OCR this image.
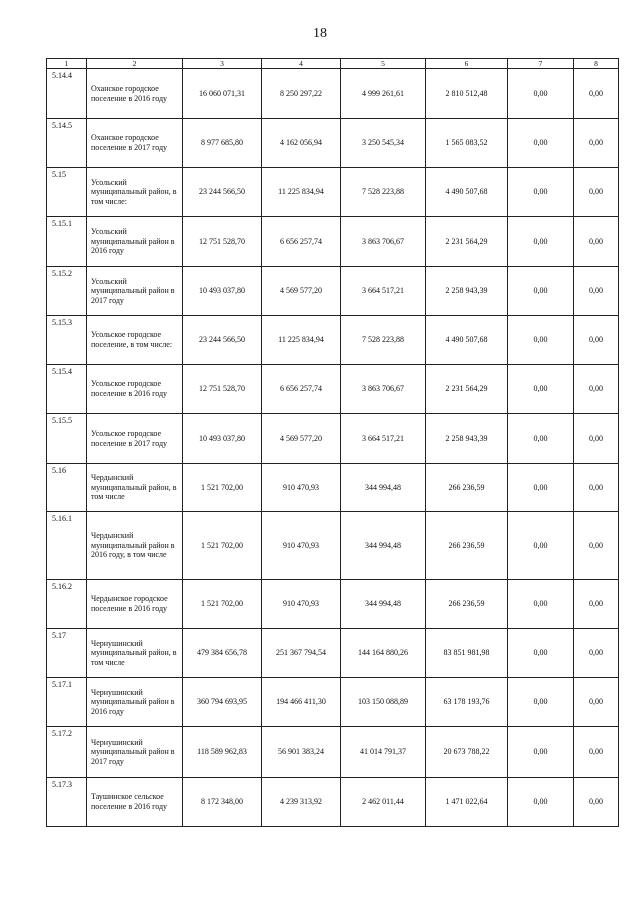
18
1	2	3	4	5	6	7	8
5.14.4	Оханское городское поселение в 2016 году	16 060 071,31	8 250 297,22	4 999 261,61	2 810 512,48	0,00	0,00
5.14.5	Оханское городское поселение в 2017 году	8 977 685,80	4 162 056,94	3 250 545,34	1 565 083,52	0,00	0,00
5.15	Усольский муниципальный район, в том числе:	23 244 566,50	11 225 834,94	7 528 223,88	4 490 507,68	0,00	0,00
5.15.1	Усольский муниципальный район в 2016 году	12 751 528,70	6 656 257,74	3 863 706,67	2 231 564,29	0,00	0,00
5.15.2	Усольский муниципальный район в 2017 году	10 493 037,80	4 569 577,20	3 664 517,21	2 258 943,39	0,00	0,00
5.15.3	Усольское городское поселение, в том числе:	23 244 566,50	11 225 834,94	7 528 223,88	4 490 507,68	0,00	0,00
5.15.4	Усольское городское поселение в 2016 году	12 751 528,70	6 656 257,74	3 863 706,67	2 231 564,29	0,00	0,00
5.15.5	Усольское городское поселение в 2017 году	10 493 037,80	4 569 577,20	3 664 517,21	2 258 943,39	0,00	0,00
5.16	Чердынский муниципальный район, в том числе	1 521 702,00	910 470,93	344 994,48	266 236,59	0,00	0,00
5.16.1	Чердынский муниципальный район в 2016 году, в том числе	1 521 702,00	910 470,93	344 994,48	266 236,59	0,00	0,00
5.16.2	Чердынское городское поселение в 2016 году	1 521 702,00	910 470,93	344 994,48	266 236,59	0,00	0,00
5.17	Чернушинский муниципальный район, в том числе	479 384 656,78	251 367 794,54	144 164 880,26	83 851 981,98	0,00	0,00
5.17.1	Чернушинский муниципальный район в 2016 году	360 794 693,95	194 466 411,30	103 150 088,89	63 178 193,76	0,00	0,00
5.17.2	Чернушинский муниципальный район в 2017 году	118 589 962,83	56 901 383,24	41 014 791,37	20 673 788,22	0,00	0,00
5.17.3	Таушинское сельское поселение в 2016 году	8 172 348,00	4 239 313,92	2 462 011,44	1 471 022,64	0,00	0,00
